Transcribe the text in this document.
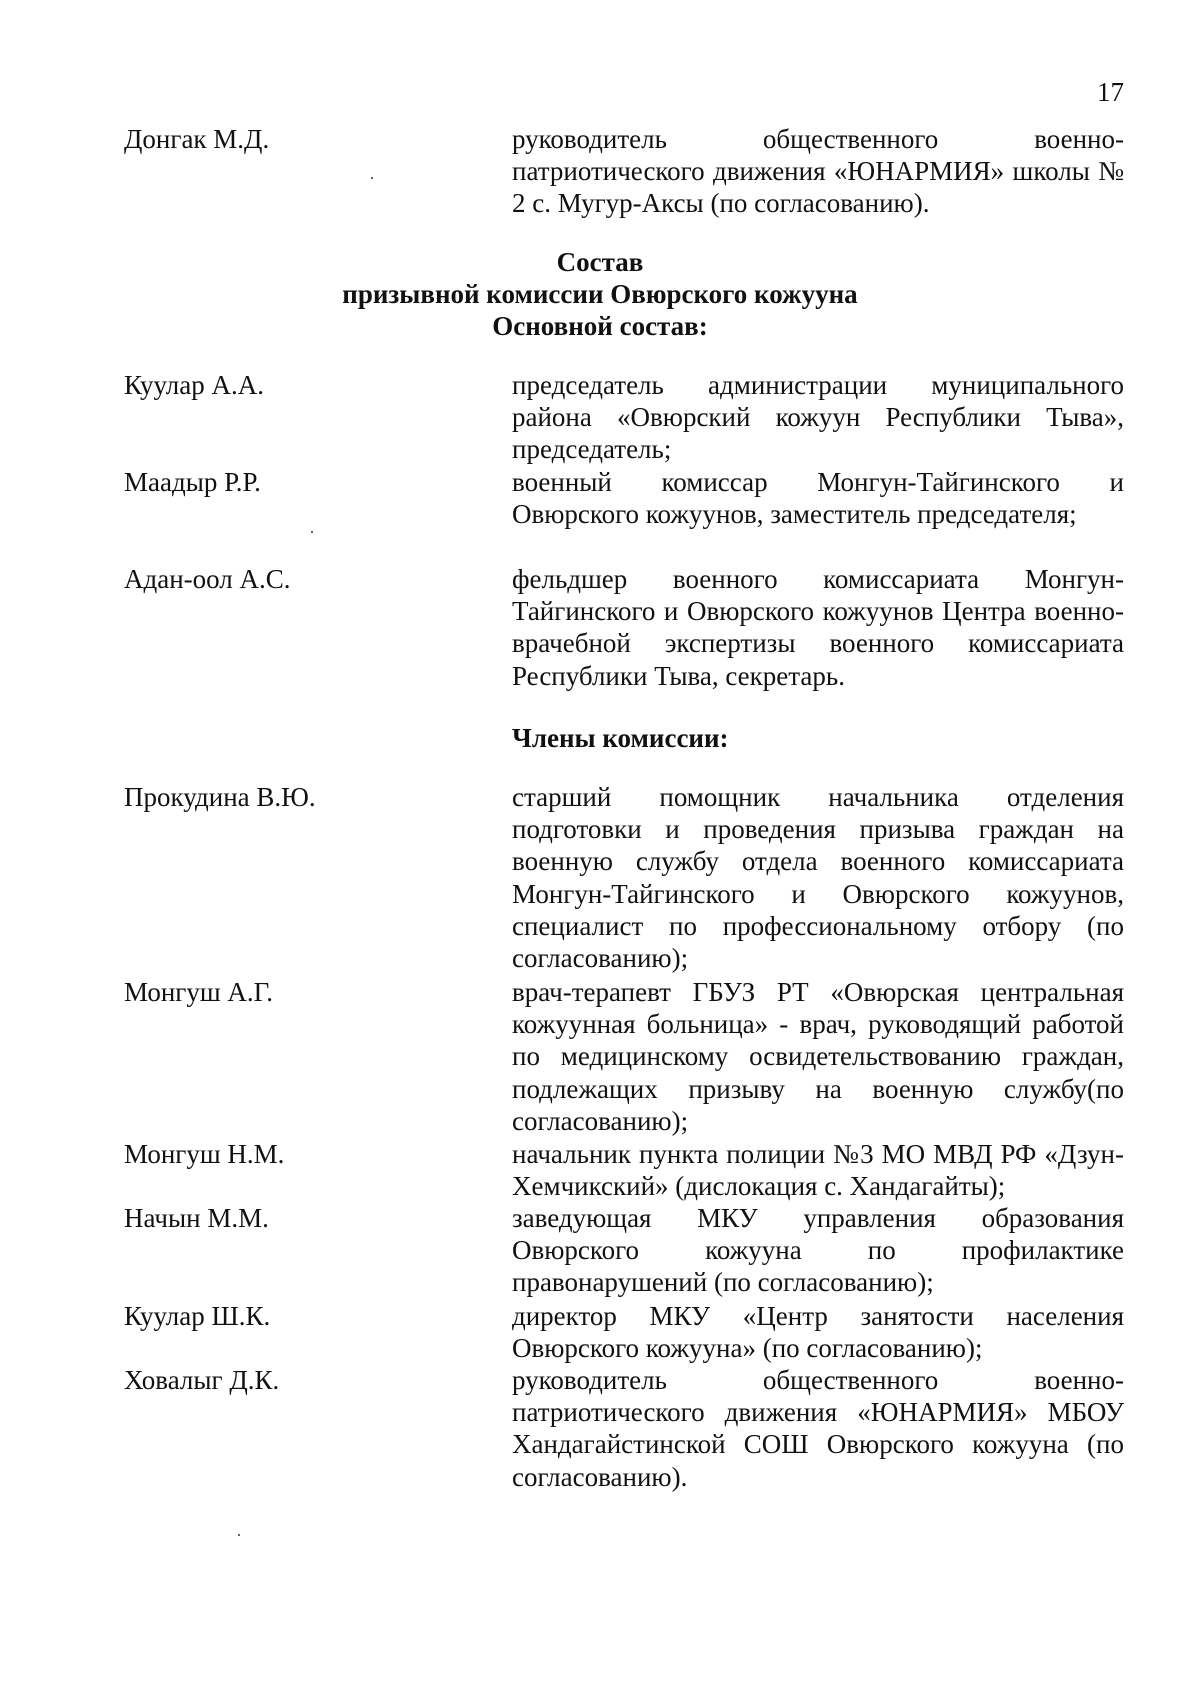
17
Донгак М.Д.	руководитель общественного военно-патриотического движения «ЮНАРМИЯ» школы № 2 с. Мугур-Аксы (по согласованию).
Состав
призывной комиссии Овюрского кожууна
Основной состав:
Куулар А.А.	председатель администрации муниципального района «Овюрский кожуун Республики Тыва», председатель;
Маадыр Р.Р.	военный комиссар Монгун-Тайгинского и Овюрского кожуунов, заместитель председателя;
Адан-оол А.С.	фельдшер военного комиссариата Монгун-Тайгинского и Овюрского кожуунов Центра военно-врачебной экспертизы военного комиссариата Республики Тыва, секретарь.
Члены комиссии:
Прокудина В.Ю.	старший помощник начальника отделения подготовки и проведения призыва граждан на военную службу отдела военного комиссариата Монгун-Тайгинского и Овюрского кожуунов, специалист по профессиональному отбору (по согласованию);
Монгуш А.Г.	врач-терапевт ГБУЗ РТ «Овюрская центральная кожуунная больница» - врач, руководящий работой по медицинскому освидетельствованию граждан, подлежащих призыву на военную службу(по согласованию);
Монгуш Н.М.	начальник пункта полиции №3 МО МВД РФ «Дзун-Хемчикский» (дислокация с. Хандагайты);
Начын М.М.	заведующая МКУ управления образования Овюрского кожууна по профилактике правонарушений (по согласованию);
Куулар Ш.К.	директор МКУ «Центр занятости населения Овюрского кожууна» (по согласованию);
Ховалыг Д.К.	руководитель общественного военно-патриотического движения «ЮНАРМИЯ» МБОУ Хандагайстинской СОШ Овюрского кожууна (по согласованию).
